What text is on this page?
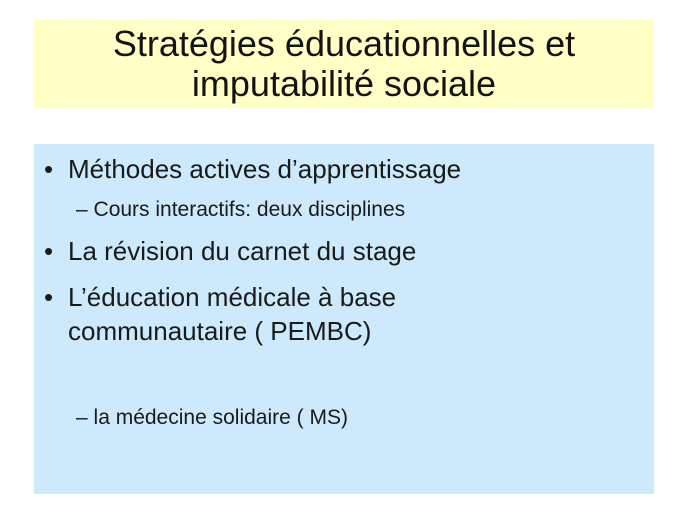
Stratégies éducationnelles et
imputabilité sociale
• Méthodes actives d’apprentissage
– Cours interactifs: deux disciplines
• La révision du carnet du stage
• L’éducation médicale à base
communautaire ( PEMBC)
– la médecine solidaire ( MS)
